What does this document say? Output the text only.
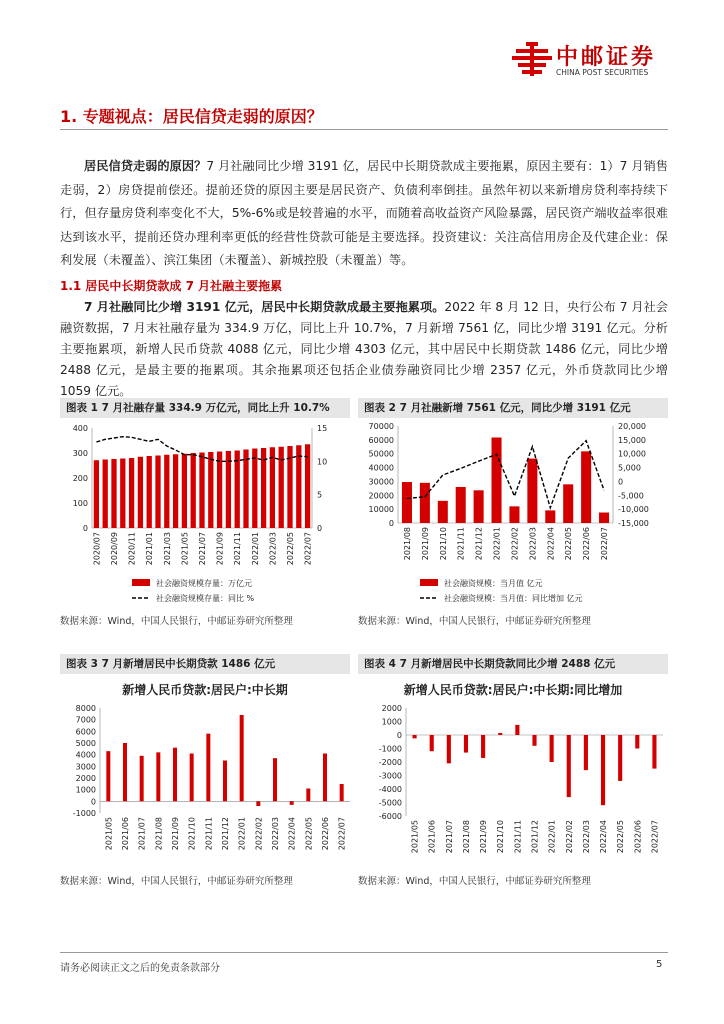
中邮证券
CHINA POST SECURITIES
1. 专题视点：居民信贷走弱的原因？
居民信贷走弱的原因？7 月社融同比少增 3191 亿，居民中长期贷款成主要拖累，原因主要有：1）7 月销售走弱，2）房贷提前偿还。提前还贷的原因主要是居民资产、负债利率倒挂。虽然年初以来新增房贷利率持续下行，但存量房贷利率变化不大，5%-6%或是较普遍的水平，而随着高收益资产风险暴露，居民资产端收益率很难达到该水平，提前还贷办理利率更低的经营性贷款可能是主要选择。投资建议：关注高信用房企及代建企业：保利发展（未覆盖）、滨江集团（未覆盖）、新城控股（未覆盖）等。
1.1 居民中长期贷款成 7 月社融主要拖累
7 月社融同比少增 3191 亿元，居民中长期贷款成最主要拖累项。2022 年 8 月 12 日，央行公布 7 月社会融资数据，7 月末社融存量为 334.9 万亿，同比上升 10.7%，7 月新增 7561 亿，同比少增 3191 亿元。分析主要拖累项，新增人民币贷款 4088 亿元，同比少增 4303 亿元，其中居民中长期贷款 1486 亿元，同比少增 2488 亿元，是最主要的拖累项。其余拖累项还包括企业债券融资同比少增 2357 亿元，外币贷款同比少增 1059 亿元。
图表 1 7 月社融存量 334.9 万亿元，同比上升 10.7%
0
100
200
300
400
0
5
10
15
2020/07 2020/09 2020/11 2021/01 2021/03 2021/05 2021/07 2021/09 2021/11 2022/01 2022/03 2022/05 2022/07
社会融资规模存量：万亿元
社会融资规模存量：同比 %
数据来源：Wind，中国人民银行，中邮证券研究所整理
图表 2 7 月社融新增 7561 亿元，同比少增 3191 亿元
0
10000
20000
30000
40000
50000
60000
70000	20,000
15,000
10,000
5,000
0
-5,000
-10,000
-15,000
2021/08 2021/09 2021/10 2021/11 2021/12 2022/01 2022/02 2022/03 2022/04 2022/05 2022/06 2022/07
社会融资规模：当月值 亿元
社会融资规模：当月值：同比增加 亿元
数据来源：Wind，中国人民银行，中邮证券研究所整理
图表 3 7 月新增居民中长期贷款 1486 亿元
新增人民币贷款:居民户:中长期
-1000
0
1000
2000
3000
4000
5000
6000
7000
8000
2021/05 2021/06 2021/07 2021/08 2021/09 2021/10 2021/11 2021/12 2022/01 2022/02 2022/03 2022/04 2022/05 2022/06 2022/07
数据来源：Wind，中国人民银行，中邮证券研究所整理
图表 4 7 月新增居民中长期贷款同比少增 2488 亿元
新增人民币贷款:居民户:中长期:同比增加
-6000
-5000
-4000
-3000
-2000
-1000
0
1000
2000
2021/05 2021/06 2021/07 2021/08 2021/09 2021/10 2021/11 2021/12 2022/01 2022/02 2022/03 2022/04 2022/05 2022/06 2022/07
数据来源：Wind，中国人民银行，中邮证券研究所整理
请务必阅读正文之后的免责条款部分	5
